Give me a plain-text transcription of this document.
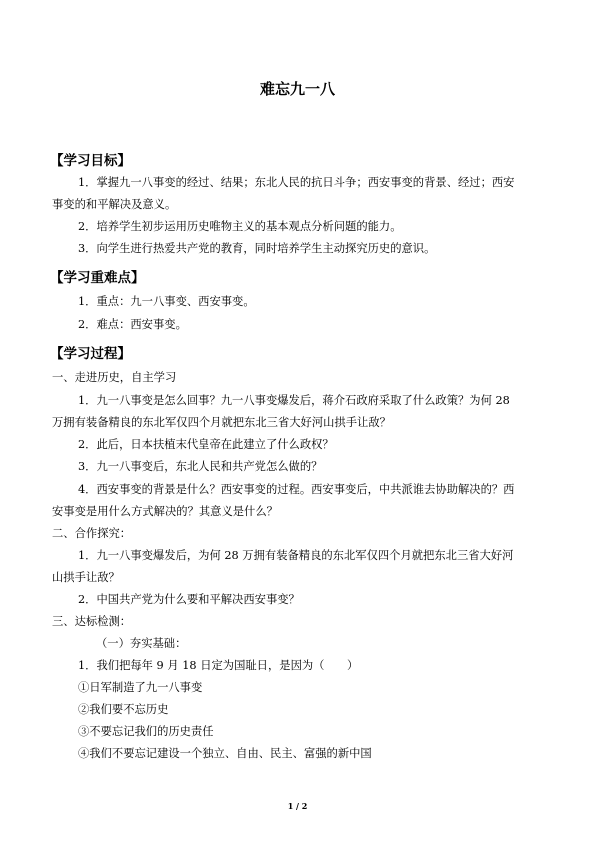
难忘九一八
【学习目标】
1．掌握九一八事变的经过、结果；东北人民的抗日斗争；西安事变的背景、经过；西安
事变的和平解决及意义。
2．培养学生初步运用历史唯物主义的基本观点分析问题的能力。
3．向学生进行热爱共产党的教育，同时培养学生主动探究历史的意识。
【学习重难点】
1．重点：九一八事变、西安事变。
2．难点：西安事变。
【学习过程】
一、走进历史，自主学习
1．九一八事变是怎么回事？九一八事变爆发后，蒋介石政府采取了什么政策？为何 28
万拥有装备精良的东北军仅四个月就把东北三省大好河山拱手让敌？
2．此后，日本扶植末代皇帝在此建立了什么政权？
3．九一八事变后，东北人民和共产党怎么做的？
4．西安事变的背景是什么？西安事变的过程。西安事变后，中共派谁去协助解决的？西
安事变是用什么方式解决的？其意义是什么？
二、合作探究：
1．九一八事变爆发后，为何 28 万拥有装备精良的东北军仅四个月就把东北三省大好河
山拱手让敌？
2．中国共产党为什么要和平解决西安事变？
三、达标检测：
（一）夯实基础：
1．我们把每年 9 月 18 日定为国耻日，是因为（　　）
①日军制造了九一八事变
②我们要不忘历史
③不要忘记我们的历史责任
④我们不要忘记建设一个独立、自由、民主、富强的新中国
1 / 2
